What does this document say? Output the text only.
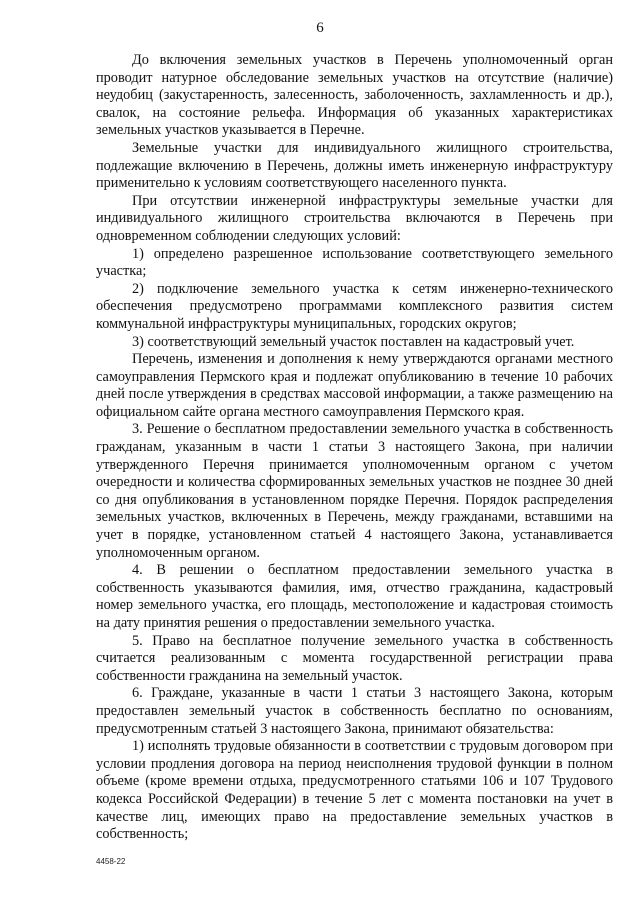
6

До включения земельных участков в Перечень уполномоченный орган проводит натурное обследование земельных участков на отсутствие (наличие) неудобиц (закустаренность, залесенность, заболоченность, захламленность и др.), свалок, на состояние рельефа. Информация об указанных характеристиках земельных участков указывается в Перечне.

Земельные участки для индивидуального жилищного строительства, подлежащие включению в Перечень, должны иметь инженерную инфраструктуру применительно к условиям соответствующего населенного пункта.

При отсутствии инженерной инфраструктуры земельные участки для индивидуального жилищного строительства включаются в Перечень при одновременном соблюдении следующих условий:

1) определено разрешенное использование соответствующего земельного участка;

2) подключение земельного участка к сетям инженерно-технического обеспечения предусмотрено программами комплексного развития систем коммунальной инфраструктуры муниципальных, городских округов;

3) соответствующий земельный участок поставлен на кадастровый учет.

Перечень, изменения и дополнения к нему утверждаются органами местного самоуправления Пермского края и подлежат опубликованию в течение 10 рабочих дней после утверждения в средствах массовой информации, а также размещению на официальном сайте органа местного самоуправления Пермского края.

3. Решение о бесплатном предоставлении земельного участка в собственность гражданам, указанным в части 1 статьи 3 настоящего Закона, при наличии утвержденного Перечня принимается уполномоченным органом с учетом очередности и количества сформированных земельных участков не позднее 30 дней со дня опубликования в установленном порядке Перечня. Порядок распределения земельных участков, включенных в Перечень, между гражданами, вставшими на учет в порядке, установленном статьей 4 настоящего Закона, устанавливается уполномоченным органом.

4. В решении о бесплатном предоставлении земельного участка в собственность указываются фамилия, имя, отчество гражданина, кадастровый номер земельного участка, его площадь, местоположение и кадастровая стоимость на дату принятия решения о предоставлении земельного участка.

5. Право на бесплатное получение земельного участка в собственность считается реализованным с момента государственной регистрации права собственности гражданина на земельный участок.

6. Граждане, указанные в части 1 статьи 3 настоящего Закона, которым предоставлен земельный участок в собственность бесплатно по основаниям, предусмотренным статьей 3 настоящего Закона, принимают обязательства:

1) исполнять трудовые обязанности в соответствии с трудовым договором при условии продления договора на период неисполнения трудовой функции в полном объеме (кроме времени отдыха, предусмотренного статьями 106 и 107 Трудового кодекса Российской Федерации) в течение 5 лет с момента постановки на учет в качестве лиц, имеющих право на предоставление земельных участков в собственность;

4458-22
